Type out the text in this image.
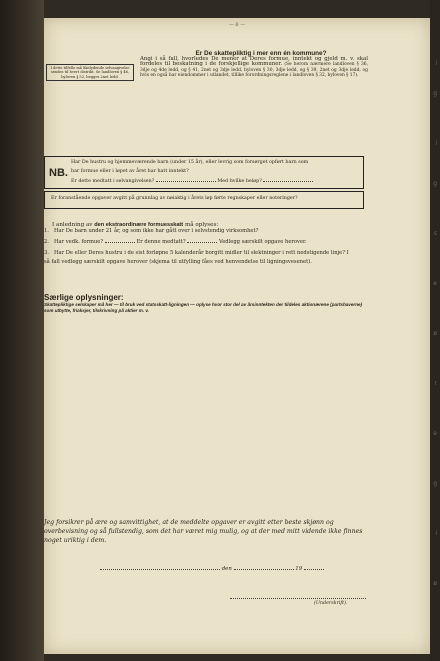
— 6 —
I dette tilfelle må likelydende selvangivelse sendes til hvert distrikt. Se landloven § 46, byloven § 52, begges 2net ledd.
Er De skattepliktig i mer enn én kommune?
Angi i så fall, hvorledes De mener at Deres formue, inntekt og gjeld m. v. skal fordeles til beskatning i de forskjellige kommuner. (Se herom nærmere landloven § 36, 3dje og 4de ledd, og § 41, 2net og 3dje ledd, byloven § 30, 3dje ledd, og § 39, 2net og 3dje ledd, og hvis en også har eiendommer i utlandet, tillike forordningsreglene i landloven § 32, byloven § 17).
NB.
Har De hustru og hjemmeværende barn (under 15 år), eller levrig som forsørget opført barn som
har formue eller i løpet av året har hatt inntekt?
Er dette medtatt i selvangivelsen?	Med hvilke beløp?
Er foranstående opgaver avgitt på grunnlag av nøiaktig i årets løp førte regnskaper eller noteringer?
I anledning av den ekstraordinære formuesskatt må oplyses:
1. Har De barn under 21 år, og som ikke har gått over i selvstendig virksomhet?
2. Har vedk. formue?	Er denne medtatt?	Vedlegg særskilt opgave herover.
3. Har De eller Deres hustru i de sist forløpne 5 kalenderår borgitt midler til slektninger i rett nedstigende linje? I så fall vedlegg særskilt opgave herover (skjema til utfylling fåes ved henvendelse til ligningsvesenet).
Særlige oplysninger:
Skattepliktige selskaper må her — til bruk ved statsskatt-ligningen — oplyse hvor stor del av årsinntekten der tildeles aktionærene (partshaverne) som utbytte, friaksjer, tilskrivning på aktier m. v.
Jeg forsikrer på ære og samvittighet, at de meddelte opgaver er avgitt etter beste skjønn og overbevisning og så fullstendig, som det har været mig mulig, og at der med mitt vidende ikke finnes noget uriktig i dem.
den	19
(Underskrift).
i
g
i
g
s
e
ø
r
e
g
i
ø
